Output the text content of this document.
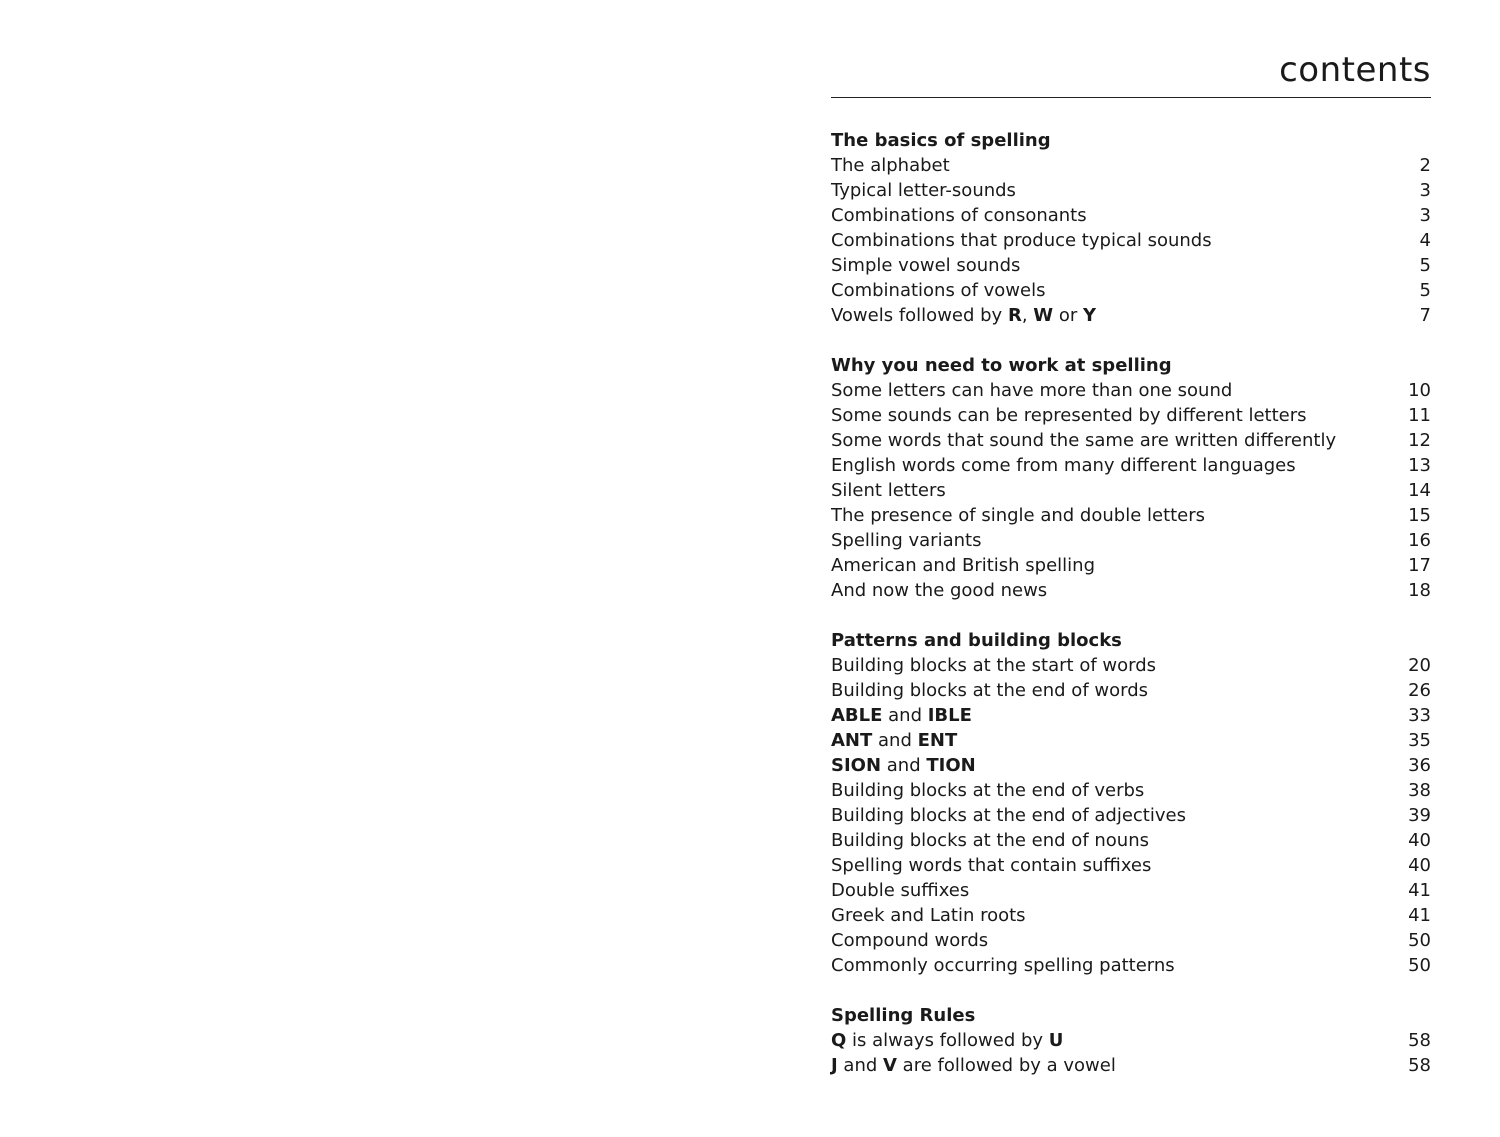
contents
The basics of spelling
The alphabet	2
Typical letter-sounds	3
Combinations of consonants	3
Combinations that produce typical sounds	4
Simple vowel sounds	5
Combinations of vowels	5
Vowels followed by R, W or Y	7
Why you need to work at spelling
Some letters can have more than one sound	10
Some sounds can be represented by different letters	11
Some words that sound the same are written differently	12
English words come from many different languages	13
Silent letters	14
The presence of single and double letters	15
Spelling variants	16
American and British spelling	17
And now the good news	18
Patterns and building blocks
Building blocks at the start of words	20
Building blocks at the end of words	26
ABLE and IBLE	33
ANT and ENT	35
SION and TION	36
Building blocks at the end of verbs	38
Building blocks at the end of adjectives	39
Building blocks at the end of nouns	40
Spelling words that contain suffixes	40
Double suffixes	41
Greek and Latin roots	41
Compound words	50
Commonly occurring spelling patterns	50
Spelling Rules
Q is always followed by U	58
J and V are followed by a vowel	58
